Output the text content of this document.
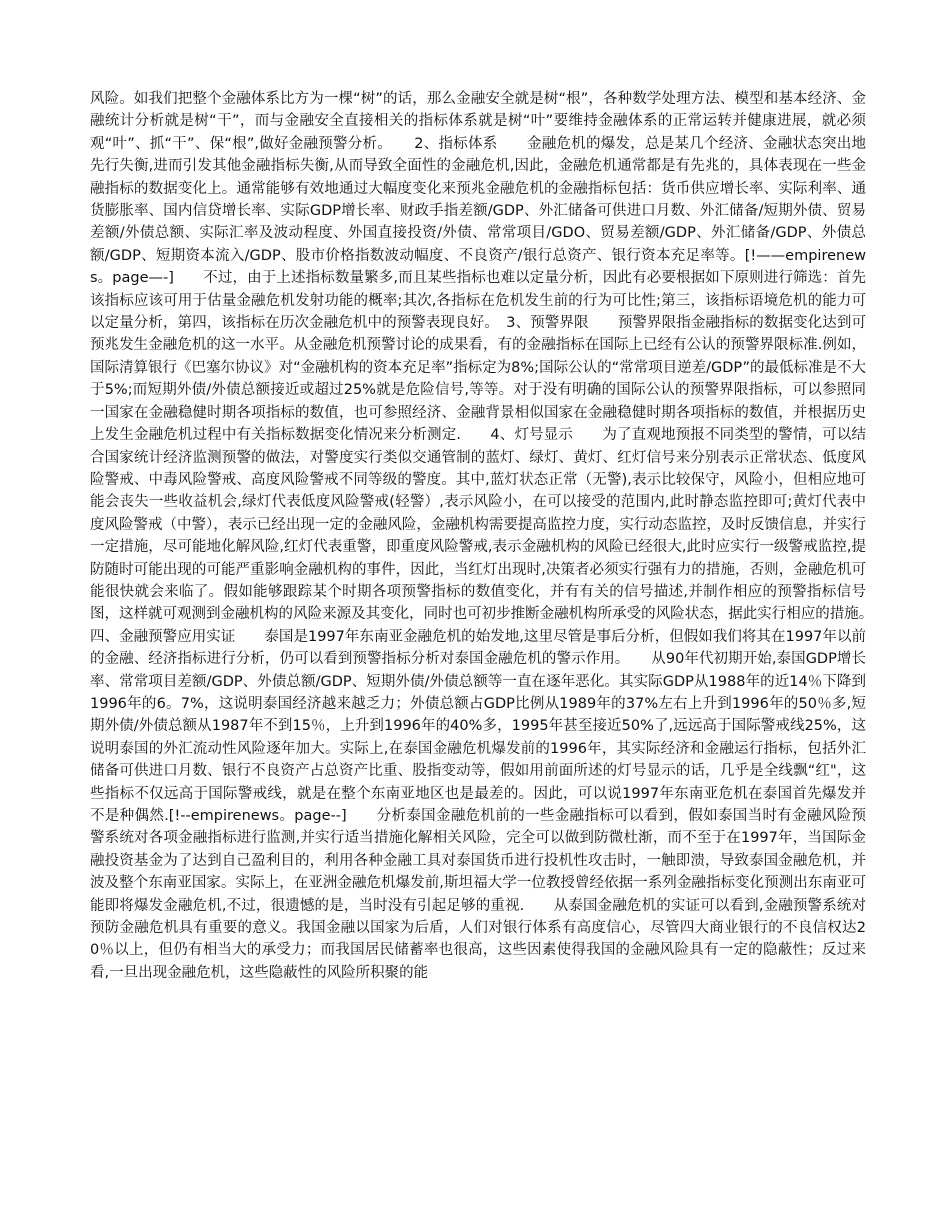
风险。如我们把整个金融体系比方为一棵“树”的话，那么金融安全就是树“根”，各种数学处理方法、模型和基本经济、金融统计分析就是树“干”，而与金融安全直接相关的指标体系就是树“叶”要维持金融体系的正常运转并健康进展，就必须观“叶”、抓“干”、保“根”,做好金融预警分析。　　2、指标体系　　金融危机的爆发，总是某几个经济、金融状态突出地先行失衡,进而引发其他金融指标失衡,从而导致全面性的金融危机,因此，金融危机通常都是有先兆的，具体表现在一些金融指标的数据变化上。通常能够有效地通过大幅度变化来预兆金融危机的金融指标包括：货币供应增长率、实际利率、通货膨胀率、国内信贷增长率、实际GDP增长率、财政手指差额/GDP、外汇储备可供进口月数、外汇储备/短期外债、贸易差额/外债总额、实际汇率及波动程度、外国直接投资/外债、常常项目/GDO、贸易差额/GDP、外汇储备/GDP、外债总额/GDP、短期资本流入/GDP、股市价格指数波动幅度、不良资产/银行总资产、银行资本充足率等。[!——empirenews。page—-]　　不过，由于上述指标数量繁多,而且某些指标也难以定量分析，因此有必要根据如下原则进行筛选：首先该指标应该可用于估量金融危机发射功能的概率;其次,各指标在危机发生前的行为可比性;第三，该指标语境危机的能力可以定量分析，第四，该指标在历次金融危机中的预警表现良好。　3、预警界限　　预警界限指金融指标的数据变化达到可预兆发生金融危机的这一水平。从金融危机预警讨论的成果看，有的金融指标在国际上已经有公认的预警界限标准.例如，国际清算银行《巴塞尔协议》对“金融机构的资本充足率”指标定为8%;国际公认的“常常项目逆差/GDP”的最低标准是不大于5%;而短期外债/外债总额接近或超过25%就是危险信号,等等。对于没有明确的国际公认的预警界限指标，可以参照同一国家在金融稳健时期各项指标的数值，也可参照经济、金融背景相似国家在金融稳健时期各项指标的数值，并根据历史上发生金融危机过程中有关指标数据变化情况来分析测定.　　4、灯号显示　　为了直观地预报不同类型的警情，可以结合国家统计经济监测预警的做法，对警度实行类似交通管制的蓝灯、绿灯、黄灯、红灯信号来分别表示正常状态、低度风险警戒、中毒风险警戒、高度风险警戒不同等级的警度。其中,蓝灯状态正常（无警),表示比较保守，风险小，但相应地可能会丧失一些收益机会,绿灯代表低度风险警戒(轻警）,表示风险小，在可以接受的范围内,此时静态监控即可;黄灯代表中度风险警戒（中警），表示已经出现一定的金融风险，金融机构需要提高监控力度，实行动态监控，及时反馈信息，并实行一定措施，尽可能地化解风险,红灯代表重警，即重度风险警戒,表示金融机构的风险已经很大,此时应实行一级警戒监控,提防随时可能出现的可能严重影响金融机构的事件，因此，当红灯出现时,决策者必须实行强有力的措施，否则，金融危机可能很快就会来临了。假如能够跟踪某个时期各项预警指标的数值变化，并有有关的信号描述,并制作相应的预警指标信号图，这样就可观测到金融机构的风险来源及其变化，同时也可初步推断金融机构所承受的风险状态，据此实行相应的措施。　　四、金融预警应用实证　　泰国是1997年东南亚金融危机的始发地,这里尽管是事后分析，但假如我们将其在1997年以前的金融、经济指标进行分析，仍可以看到预警指标分析对泰国金融危机的警示作用。　　从90年代初期开始,泰国GDP增长率、常常项目差额/GDP、外债总额/GDP、短期外债/外债总额等一直在逐年恶化。其实际GDP从1988年的近14％下降到1996年的6。7%，这说明泰国经济越来越乏力；外债总额占GDP比例从1989年的37%左右上升到1996年的50％多,短期外债/外债总额从1987年不到15％，上升到1996年的40%多，1995年甚至接近50%了,远远高于国际警戒线25%，这说明泰国的外汇流动性风险逐年加大。实际上,在泰国金融危机爆发前的1996年，其实际经济和金融运行指标，包括外汇储备可供进口月数、银行不良资产占总资产比重、股指变动等，假如用前面所述的灯号显示的话，几乎是全线飘“红"，这些指标不仅远高于国际警戒线，就是在整个东南亚地区也是最差的。因此，可以说1997年东南亚危机在泰国首先爆发并不是种偶然.[!--empirenews。page--]　　分析泰国金融危机前的一些金融指标可以看到，假如泰国当时有金融风险预警系统对各项金融指标进行监测,并实行适当措施化解相关风险，完全可以做到防微杜渐，而不至于在1997年，当国际金融投资基金为了达到自己盈利目的，利用各种金融工具对泰国货币进行投机性攻击时，一触即溃，导致泰国金融危机，并波及整个东南亚国家。实际上，在亚洲金融危机爆发前,斯坦福大学一位教授曾经依据一系列金融指标变化预测出东南亚可能即将爆发金融危机,不过，很遗憾的是，当时没有引起足够的重视.　　从泰国金融危机的实证可以看到,金融预警系统对预防金融危机具有重要的意义。我国金融以国家为后盾，人们对银行体系有高度信心，尽管四大商业银行的不良信权达20％以上，但仍有相当大的承受力；而我国居民储蓄率也很高，这些因素使得我国的金融风险具有一定的隐蔽性；反过来看,一旦出现金融危机，这些隐蔽性的风险所积聚的能
